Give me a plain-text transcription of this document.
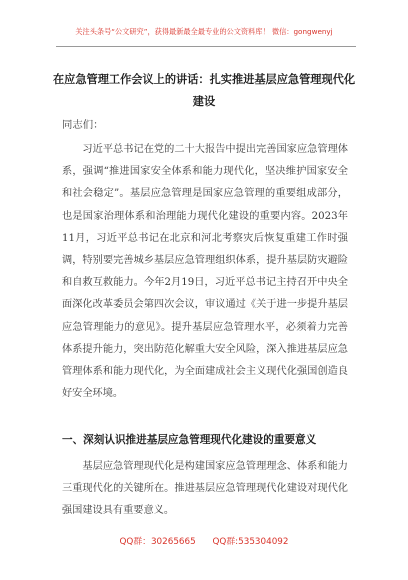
关注头条号“公文研究”，获得最新最全最专业的公文资料库！ 微信：gongwenyj
在应急管理工作会议上的讲话：扎实推进基层应急管理现代化建设
同志们：
习近平总书记在党的二十大报告中提出完善国家应急管理体系，强调“推进国家安全体系和能力现代化，坚决维护国家安全和社会稳定”。基层应急管理是国家应急管理的重要组成部分，也是国家治理体系和治理能力现代化建设的重要内容。2023年11月，习近平总书记在北京和河北考察灾后恢复重建工作时强调，特别要完善城乡基层应急管理组织体系，提升基层防灾避险和自救互救能力。今年2月19日，习近平总书记主持召开中央全面深化改革委员会第四次会议，审议通过《关于进一步提升基层应急管理能力的意见》。提升基层应急管理水平，必须着力完善体系提升能力，突出防范化解重大安全风险，深入推进基层应急管理体系和能力现代化，为全面建成社会主义现代化强国创造良好安全环境。
一、深刻认识推进基层应急管理现代化建设的重要意义
基层应急管理现代化是构建国家应急管理理念、体系和能力三重现代化的关键所在。推进基层应急管理现代化建设对现代化强国建设具有重要意义。
QQ群：30265665 QQ群:535304092
